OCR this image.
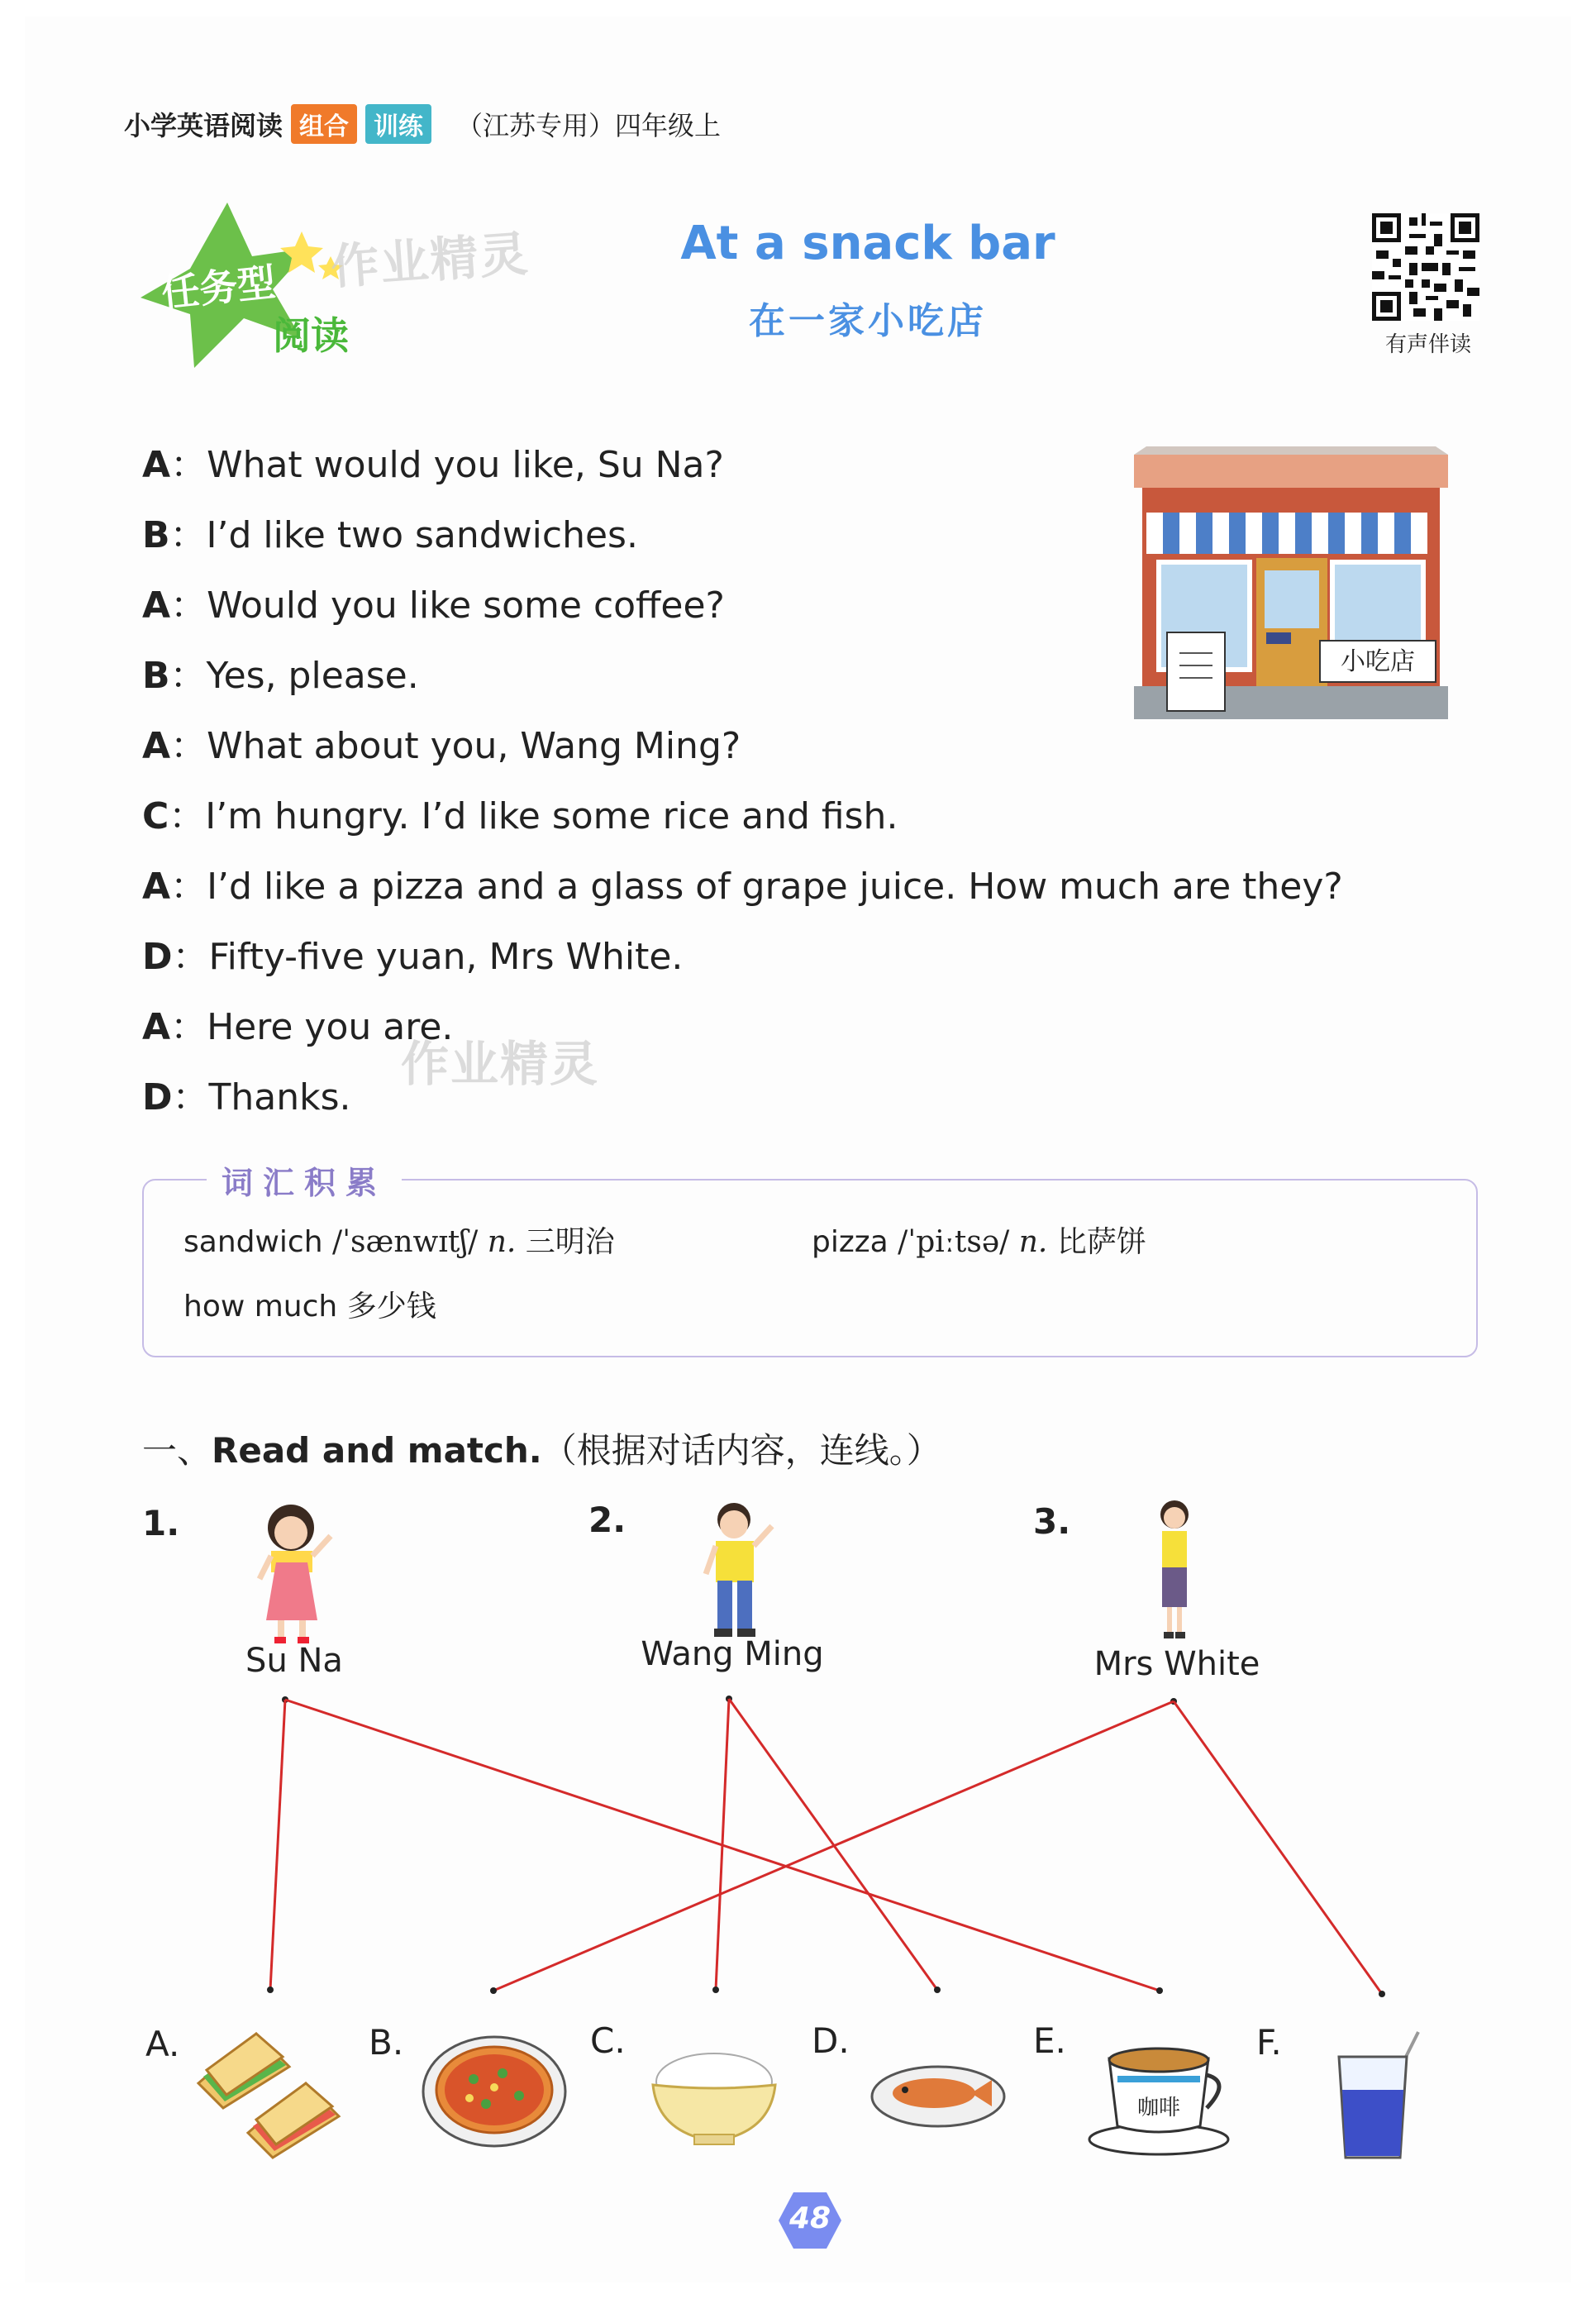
小学英语阅读 组合	训练	（江苏专用）四年级上
任务型
阅读
作业精灵	At a snack bar
在一家小吃店
有声伴读
A：What would you like, Su Na?
B：I’d like two sandwiches.
A：Would you like some coffee?
B：Yes, please.
A：What about you, Wang Ming?
C：I’m hungry. I’d like some rice and fish.
A：I’d like a pizza and a glass of grape juice. How much are they?
D：Fifty-five yuan, Mrs White.
A：Here you are.
D：Thanks.
作业精灵
小吃店
词汇积累
sandwich /ˈsænwɪtʃ/ n. 三明治	pizza /ˈpiːtsə/ n. 比萨饼
how much 多少钱
一、Read and match.（根据对话内容，连线。）
1.	2.	3.
Su Na	Wang Ming	Mrs White
A.	B.	C.	D.	E.	F.
咖啡
48
